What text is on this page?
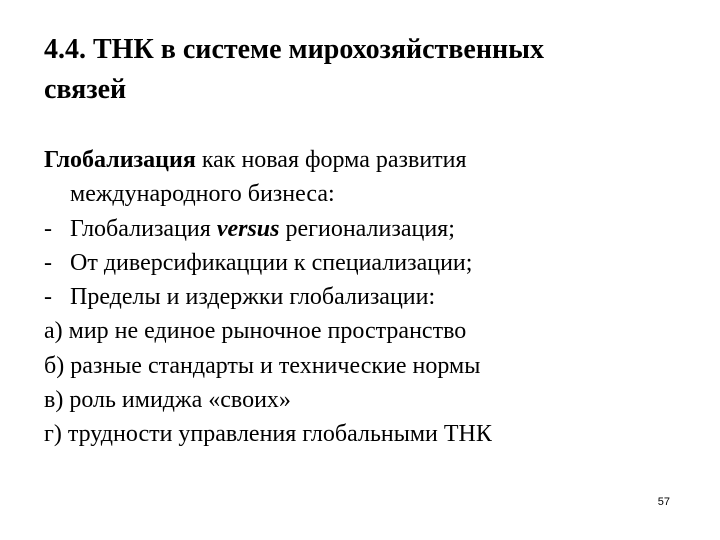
4.4. ТНК в системе мирохозяйственных
связей
Глобализация как новая форма развития
международного бизнеса:
- Глобализация versus регионализация;
- От диверсификацции к специализации;
- Пределы и издержки глобализации:
а) мир не единое рыночное пространство
б) разные стандарты и технические нормы
в) роль имиджа «своих»
г) трудности управления глобальными ТНК
57
